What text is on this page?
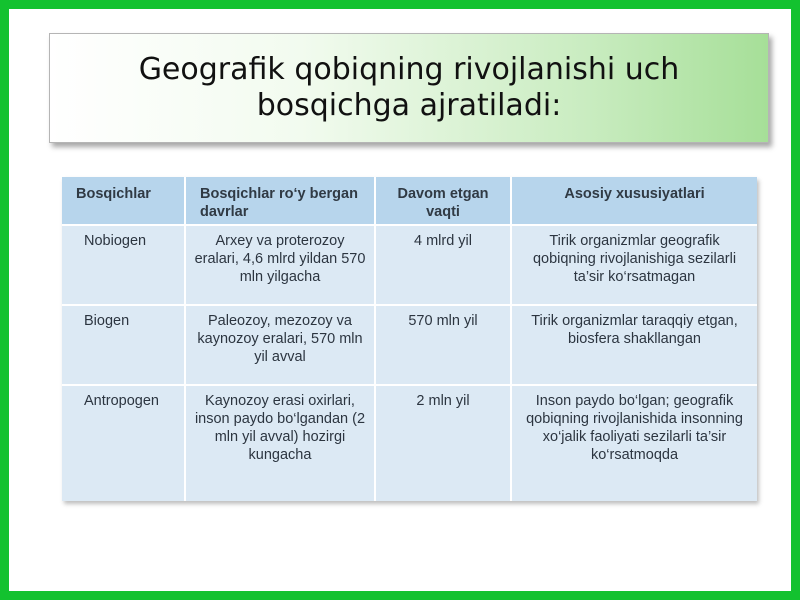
Geografik qobiqning rivojlanishi uch bosqichga ajratiladi:
Bosqichlar	Bosqichlar ro‘y bergan davrlar	Davom etgan vaqti	Asosiy xususiyatlari
Nobiogen	Arxey va proterozoy eralari, 4,6 mlrd yildan 570 mln yilgacha	4 mlrd yil	Tirik organizmlar geografik qobiqning rivojlanishiga sezilarli ta’sir ko‘rsatmagan
Biogen	Paleozoy, mezozoy va kaynozoy eralari, 570 mln yil avval	570 mln yil	Tirik organizmlar taraqqiy etgan, biosfera shakllangan
Antropogen	Kaynozoy erasi oxirlari, inson paydo bo‘lgandan (2 mln yil avval) hozirgi kungacha	2 mln yil	Inson paydo bo‘lgan; geografik qobiqning rivojlanishida insonning xo‘jalik faoliyati sezilarli ta’sir ko‘rsatmoqda
